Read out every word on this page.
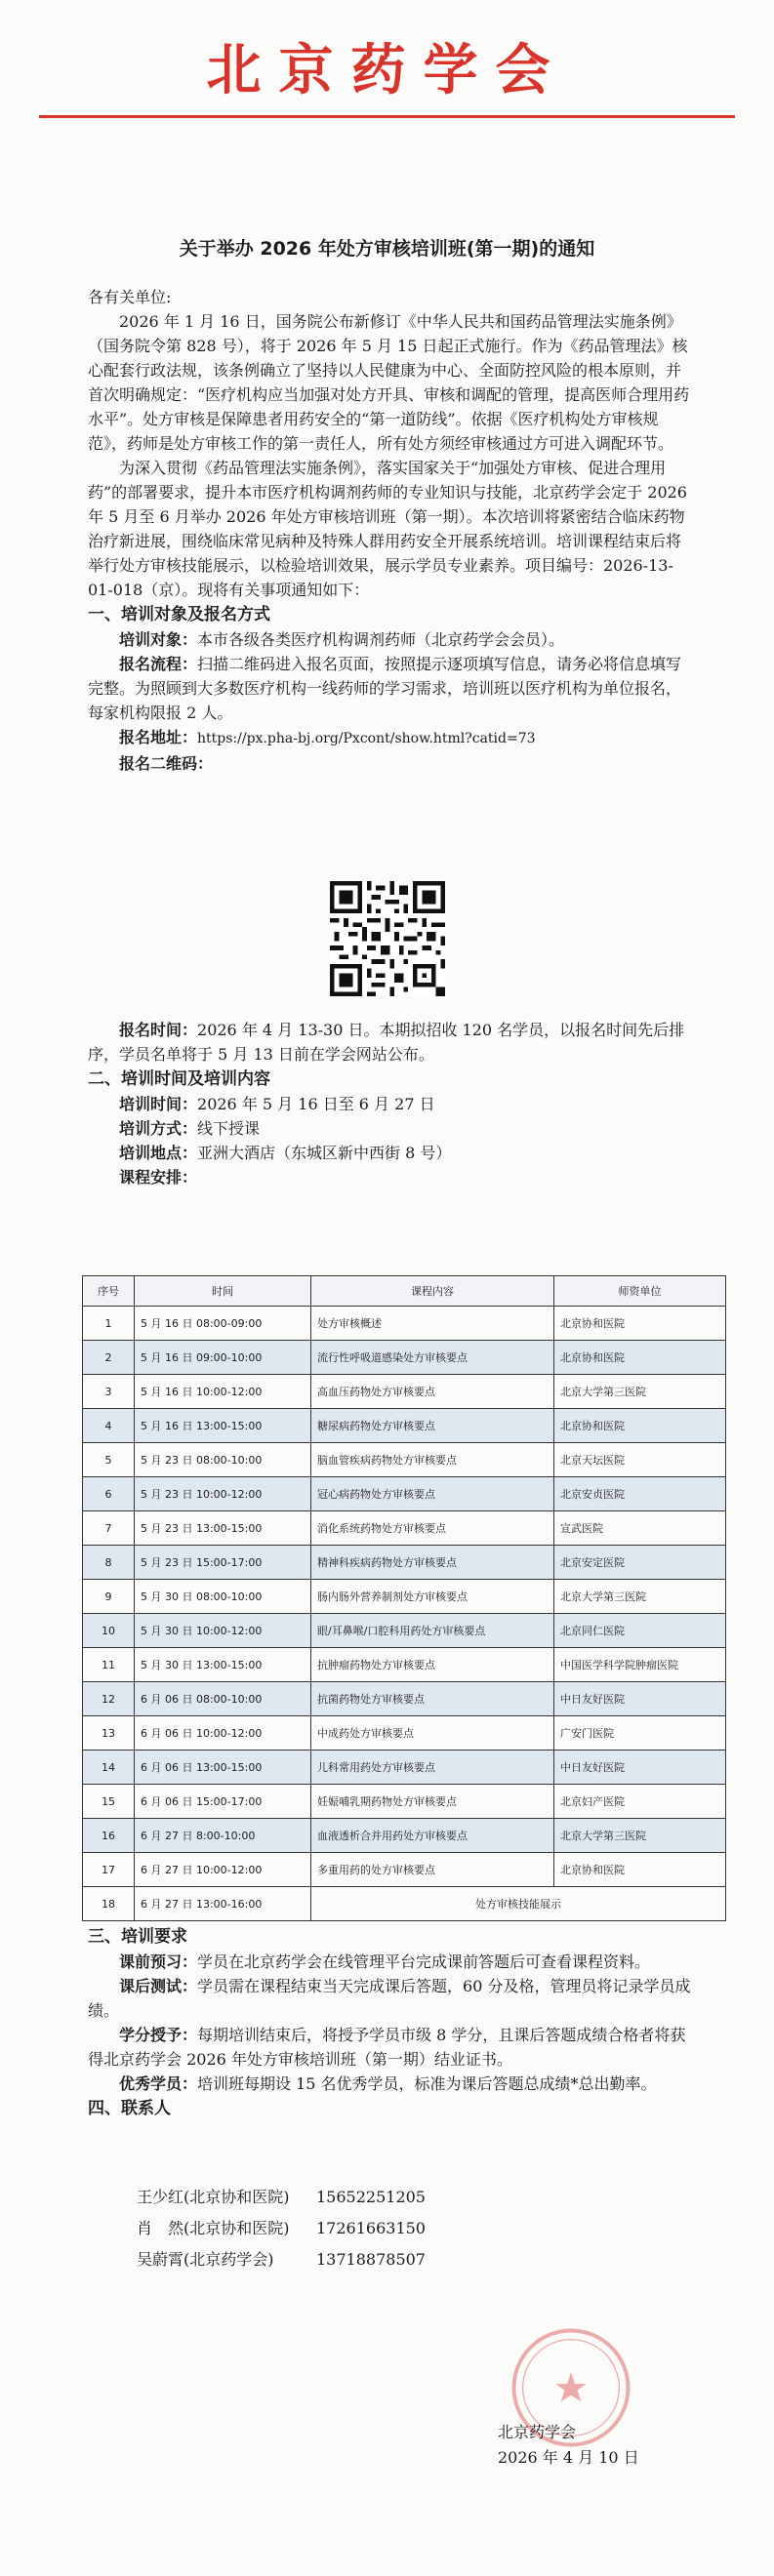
北京药学会
关于举办 2026 年处方审核培训班(第一期)的通知

各有关单位:

2026 年 1 月 16 日，国务院公布新修订《中华人民共和国药品管理法实施条例》（国务院令第 828 号），将于 2026 年 5 月 15 日起正式施行。作为《药品管理法》核心配套行政法规，该条例确立了坚持以人民健康为中心、全面防控风险的根本原则，并首次明确规定：“医疗机构应当加强对处方开具、审核和调配的管理，提高医师合理用药水平”。处方审核是保障患者用药安全的“第一道防线”。依据《医疗机构处方审核规范》，药师是处方审核工作的第一责任人，所有处方须经审核通过方可进入调配环节。

为深入贯彻《药品管理法实施条例》，落实国家关于“加强处方审核、促进合理用药”的部署要求，提升本市医疗机构调剂药师的专业知识与技能，北京药学会定于 2026 年 5 月至 6 月举办 2026 年处方审核培训班（第一期）。本次培训将紧密结合临床药物治疗新进展，围绕临床常见病种及特殊人群用药安全开展系统培训。培训课程结束后将举行处方审核技能展示，以检验培训效果，展示学员专业素养。项目编号：2026-13-01-018（京）。现将有关事项通知如下：

一、培训对象及报名方式

培训对象：本市各级各类医疗机构调剂药师（北京药学会会员）。

报名流程：扫描二维码进入报名页面，按照提示逐项填写信息，请务必将信息填写完整。为照顾到大多数医疗机构一线药师的学习需求，培训班以医疗机构为单位报名，每家机构限报 2 人。

报名地址：https://px.pha-bj.org/Pxcont/show.html?catid=73

报名二维码：

报名时间：2026 年 4 月 13-30 日。本期拟招收 120 名学员，以报名时间先后排序，学员名单将于 5 月 13 日前在学会网站公布。

二、培训时间及培训内容

培训时间：2026 年 5 月 16 日至 6 月 27 日

培训方式：线下授课

培训地点：亚洲大酒店（东城区新中西街 8 号）

课程安排：

序号	时间	课程内容	师资单位
1	5 月 16 日 08:00-09:00	处方审核概述	北京协和医院
2	5 月 16 日 09:00-10:00	流行性呼吸道感染处方审核要点	北京协和医院
3	5 月 16 日 10:00-12:00	高血压药物处方审核要点	北京大学第三医院
4	5 月 16 日 13:00-15:00	糖尿病药物处方审核要点	北京协和医院
5	5 月 23 日 08:00-10:00	脑血管疾病药物处方审核要点	北京天坛医院
6	5 月 23 日 10:00-12:00	冠心病药物处方审核要点	北京安贞医院
7	5 月 23 日 13:00-15:00	消化系统药物处方审核要点	宣武医院
8	5 月 23 日 15:00-17:00	精神科疾病药物处方审核要点	北京安定医院
9	5 月 30 日 08:00-10:00	肠内肠外营养制剂处方审核要点	北京大学第三医院
10	5 月 30 日 10:00-12:00	眼/耳鼻喉/口腔科用药处方审核要点	北京同仁医院
11	5 月 30 日 13:00-15:00	抗肿瘤药物处方审核要点	中国医学科学院肿瘤医院
12	6 月 06 日 08:00-10:00	抗菌药物处方审核要点	中日友好医院
13	6 月 06 日 10:00-12:00	中成药处方审核要点	广安门医院
14	6 月 06 日 13:00-15:00	儿科常用药处方审核要点	中日友好医院
15	6 月 06 日 15:00-17:00	妊娠哺乳期药物处方审核要点	北京妇产医院
16	6 月 27 日 8:00-10:00	血液透析合并用药处方审核要点	北京大学第三医院
17	6 月 27 日 10:00-12:00	多重用药的处方审核要点	北京协和医院
18	6 月 27 日 13:00-16:00	处方审核技能展示	

三、培训要求

课前预习：学员在北京药学会在线管理平台完成课前答题后可查看课程资料。

课后测试：学员需在课程结束当天完成课后答题，60 分及格，管理员将记录学员成绩。

学分授予：每期培训结束后，将授予学员市级 8 学分，且课后答题成绩合格者将获得北京药学会 2026 年处方审核培训班（第一期）结业证书。

优秀学员：培训班每期设 15 名优秀学员，标准为课后答题总成绩*总出勤率。

四、联系人

王少红(北京协和医院)	15652251205
肖　然(北京协和医院)	17261663150
吴蔚霄(北京药学会)	13718878507
北京药学会
2026 年 4 月 10 日
